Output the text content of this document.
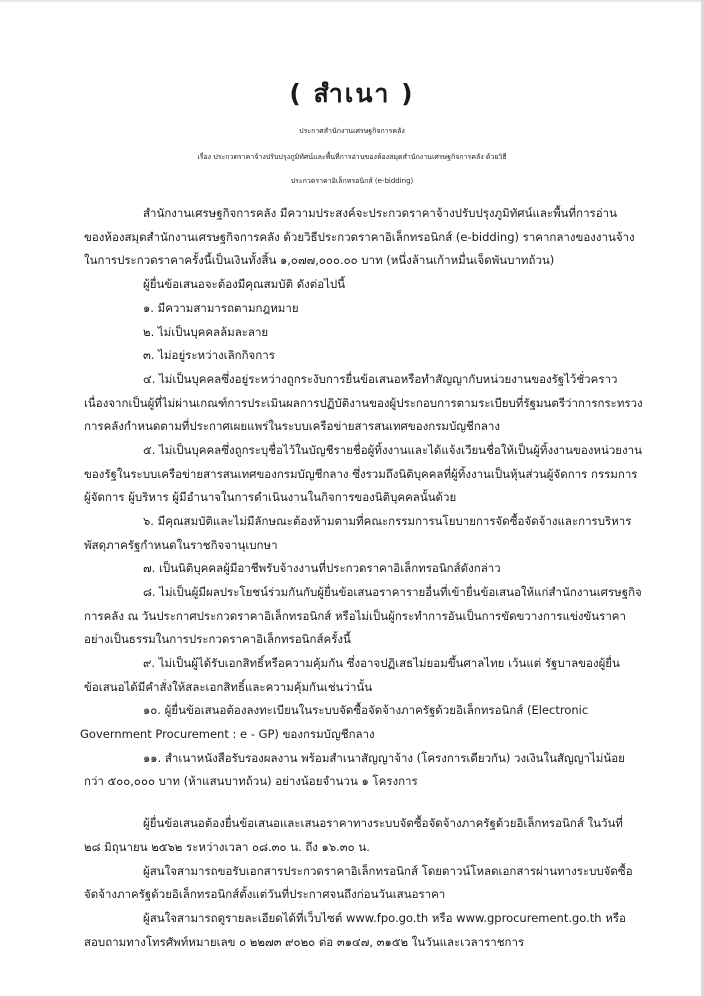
( สำเนา )
ประกาศสำนักงานเศรษฐกิจการคลัง
เรื่อง ประกวดราคาจ้างปรับปรุงภูมิทัศน์และพื้นที่การอ่านของห้องสมุดสำนักงานเศรษฐกิจการคลัง ด้วยวิธี
ประกวดราคาอิเล็กทรอนิกส์ (e-bidding)
สำนักงานเศรษฐกิจการคลัง มีความประสงค์จะประกวดราคาจ้างปรับปรุงภูมิทัศน์และพื้นที่การอ่าน
ของห้องสมุดสำนักงานเศรษฐกิจการคลัง ด้วยวิธีประกวดราคาอิเล็กทรอนิกส์ (e-bidding) ราคากลางของงานจ้าง
ในการประกวดราคาครั้งนี้เป็นเงินทั้งสิ้น ๑,๐๗๗,๐๐๐.๐๐ บาท (หนึ่งล้านเก้าหมื่นเจ็ดพันบาทถ้วน)
ผู้ยื่นข้อเสนอจะต้องมีคุณสมบัติ ดังต่อไปนี้
๑. มีความสามารถตามกฎหมาย
๒. ไม่เป็นบุคคลล้มละลาย
๓. ไม่อยู่ระหว่างเลิกกิจการ
๔. ไม่เป็นบุคคลซึ่งอยู่ระหว่างถูกระงับการยื่นข้อเสนอหรือทำสัญญากับหน่วยงานของรัฐไว้ชั่วคราว
เนื่องจากเป็นผู้ที่ไม่ผ่านเกณฑ์การประเมินผลการปฏิบัติงานของผู้ประกอบการตามระเบียบที่รัฐมนตรีว่าการกระทรวง
การคลังกำหนดตามที่ประกาศเผยแพร่ในระบบเครือข่ายสารสนเทศของกรมบัญชีกลาง
๕. ไม่เป็นบุคคลซึ่งถูกระบุชื่อไว้ในบัญชีรายชื่อผู้ทิ้งงานและได้แจ้งเวียนชื่อให้เป็นผู้ทิ้งงานของหน่วยงาน
ของรัฐในระบบเครือข่ายสารสนเทศของกรมบัญชีกลาง ซึ่งรวมถึงนิติบุคคลที่ผู้ทิ้งงานเป็นหุ้นส่วนผู้จัดการ กรรมการ
ผู้จัดการ ผู้บริหาร ผู้มีอำนาจในการดำเนินงานในกิจการของนิติบุคคลนั้นด้วย
๖. มีคุณสมบัติและไม่มีลักษณะต้องห้ามตามที่คณะกรรมการนโยบายการจัดซื้อจัดจ้างและการบริหาร
พัสดุภาครัฐกำหนดในราชกิจจานุเบกษา
๗. เป็นนิติบุคคลผู้มีอาชีพรับจ้างงานที่ประกวดราคาอิเล็กทรอนิกส์ดังกล่าว
๘. ไม่เป็นผู้มีผลประโยชน์ร่วมกันกับผู้ยื่นข้อเสนอราคารายอื่นที่เข้ายื่นข้อเสนอให้แก่สำนักงานเศรษฐกิจ
การคลัง ณ วันประกาศประกวดราคาอิเล็กทรอนิกส์ หรือไม่เป็นผู้กระทำการอันเป็นการขัดขวางการแข่งขันราคา
อย่างเป็นธรรมในการประกวดราคาอิเล็กทรอนิกส์ครั้งนี้
๙. ไม่เป็นผู้ได้รับเอกสิทธิ์หรือความคุ้มกัน ซึ่งอาจปฏิเสธไม่ยอมขึ้นศาลไทย เว้นแต่ รัฐบาลของผู้ยื่น
ข้อเสนอได้มีคำสั่งให้สละเอกสิทธิ์และความคุ้มกันเช่นว่านั้น
๑๐. ผู้ยื่นข้อเสนอต้องลงทะเบียนในระบบจัดซื้อจัดจ้างภาครัฐด้วยอิเล็กทรอนิกส์ (Electronic
Government Procurement : e - GP) ของกรมบัญชีกลาง
๑๑. สำเนาหนังสือรับรองผลงาน พร้อมสำเนาสัญญาจ้าง (โครงการเดียวกัน) วงเงินในสัญญาไม่น้อย
กว่า ๕๐๐,๐๐๐ บาท (ห้าแสนบาทถ้วน) อย่างน้อยจำนวน ๑ โครงการ
ผู้ยื่นข้อเสนอต้องยื่นข้อเสนอและเสนอราคาทางระบบจัดซื้อจัดจ้างภาครัฐด้วยอิเล็กทรอนิกส์ ในวันที่
๒๘ มิถุนายน ๒๕๖๒ ระหว่างเวลา ๐๘.๓๐ น. ถึง ๑๖.๓๐ น.
ผู้สนใจสามารถขอรับเอกสารประกวดราคาอิเล็กทรอนิกส์ โดยดาวน์โหลดเอกสารผ่านทางระบบจัดซื้อ
จัดจ้างภาครัฐด้วยอิเล็กทรอนิกส์ตั้งแต่วันที่ประกาศจนถึงก่อนวันเสนอราคา
ผู้สนใจสามารถดูรายละเอียดได้ที่เว็บไซต์ www.fpo.go.th หรือ www.gprocurement.go.th หรือ
สอบถามทางโทรศัพท์หมายเลข ๐ ๒๒๗๓ ๙๐๒๐ ต่อ ๓๑๔๗, ๓๑๕๒ ในวันและเวลาราชการ
